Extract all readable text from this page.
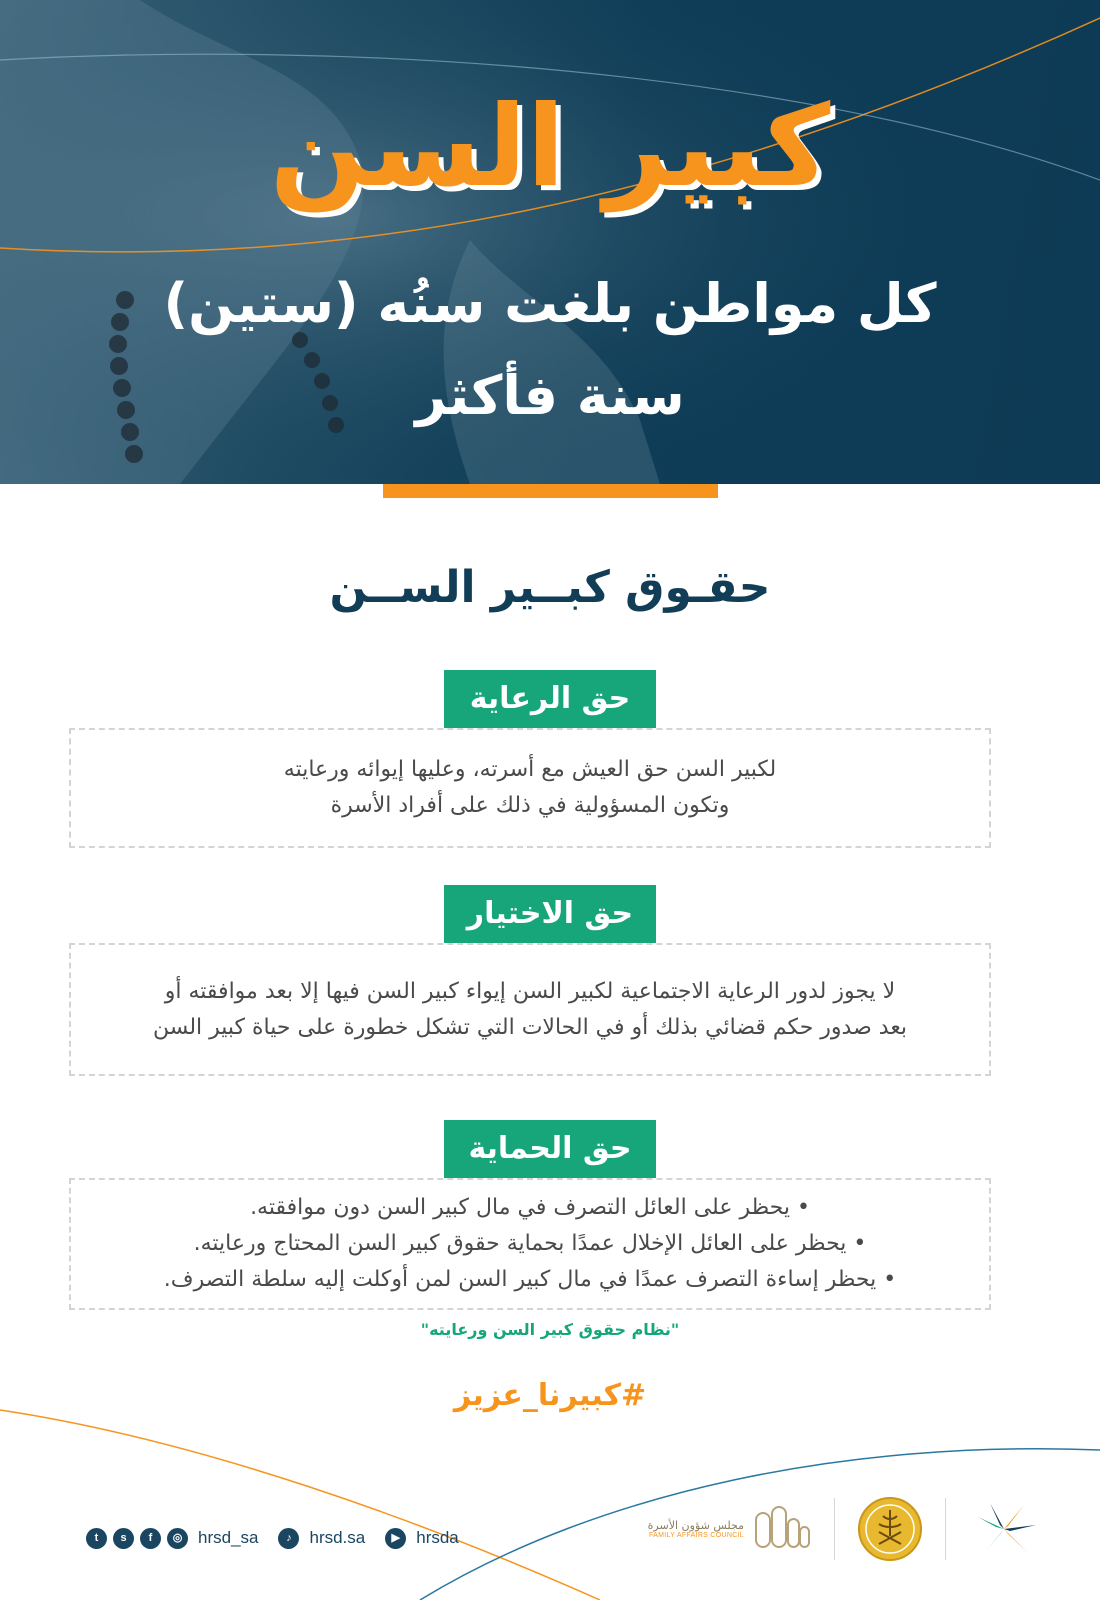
كبير السن
كل مواطن بلغت سنُه (ستين) سنة فأكثر
حقـوق كبــير الســن
حق الرعاية

لكبير السن حق العيش مع أسرته، وعليها إيوائه ورعايته
وتكون المسؤولية في ذلك على أفراد الأسرة

حق الاختيار

لا يجوز لدور الرعاية الاجتماعية لكبير السن إيواء كبير السن فيها إلا بعد موافقته أو
بعد صدور حكم قضائي بذلك أو في الحالات التي تشكل خطورة على حياة كبير السن

حق الحماية
• يحظر على العائل التصرف في مال كبير السن دون موافقته.
• يحظر على العائل الإخلال عمدًا بحماية حقوق كبير السن المحتاج ورعايته.
• يحظر إساءة التصرف عمدًا في مال كبير السن لمن أوكلت إليه سلطة التصرف.
"نظام حقوق كبير السن ورعايته"
#كبيرنا_عزيز
t	s	f	◎ hrsd_sa	♪	hrsd.sa	▶ hrsda
مجلس شؤون الأسرة
FAMILY AFFAIRS COUNCIL
